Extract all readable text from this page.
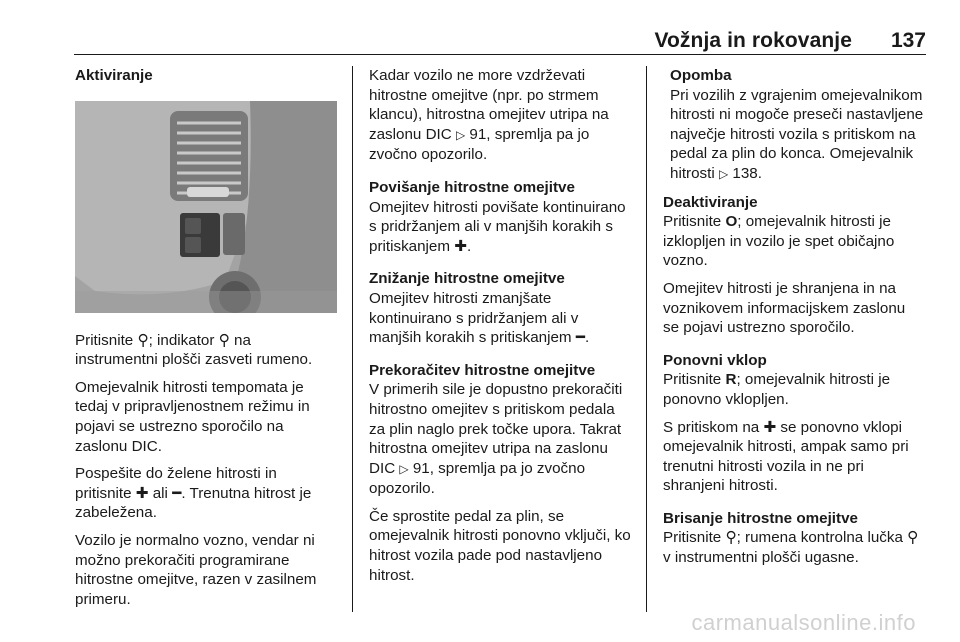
Vožnja in rokovanje 137
Aktiviranje

Pritisnite ⚲; indikator ⚲ na instrumentni plošči zasveti rumeno.

Omejevalnik hitrosti tempomata je tedaj v pripravljenostnem režimu in pojavi se ustrezno sporočilo na zaslonu DIC.

Pospešite do želene hitrosti in pritisnite ✚ ali ━. Trenutna hitrost je zabeležena.

Vozilo je normalno vozno, vendar ni možno prekoračiti programirane hitrostne omejitve, razen v zasilnem primeru.

Kadar vozilo ne more vzdrževati hitrostne omejitve (npr. po strmem klancu), hitrostna omejitev utripa na zaslonu DIC ▷ 91, spremlja pa jo zvočno opozorilo.

Povišanje hitrostne omejitve

Omejitev hitrosti povišate kontinuirano s pridržanjem ali v manjših korakih s pritiskanjem ✚.

Znižanje hitrostne omejitve

Omejitev hitrosti zmanjšate kontinuirano s pridržanjem ali v manjših korakih s pritiskanjem ━.

Prekoračitev hitrostne omejitve

V primerih sile je dopustno prekoračiti hitrostno omejitev s pritiskom pedala za plin naglo prek točke upora. Takrat hitrostna omejitev utripa na zaslonu DIC ▷ 91, spremlja pa jo zvočno opozorilo.

Če sprostite pedal za plin, se omejevalnik hitrosti ponovno vključi, ko hitrost vozila pade pod nastavljeno hitrost.

Opomba

Pri vozilih z vgrajenim omejevalnikom hitrosti ni mogoče preseči nastavljene največje hitrosti vozila s pritiskom na pedal za plin do konca. Omejevalnik hitrosti ▷ 138.

Deaktiviranje

Pritisnite O; omejevalnik hitrosti je izklopljen in vozilo je spet običajno vozno.

Omejitev hitrosti je shranjena in na voznikovem informacijskem zaslonu se pojavi ustrezno sporočilo.

Ponovni vklop

Pritisnite R; omejevalnik hitrosti je ponovno vklopljen.

S pritiskom na ✚ se ponovno vklopi omejevalnik hitrosti, ampak samo pri trenutni hitrosti vozila in ne pri shranjeni hitrosti.

Brisanje hitrostne omejitve

Pritisnite ⚲; rumena kontrolna lučka ⚲ v instrumentni plošči ugasne.

carmanualsonline.info
